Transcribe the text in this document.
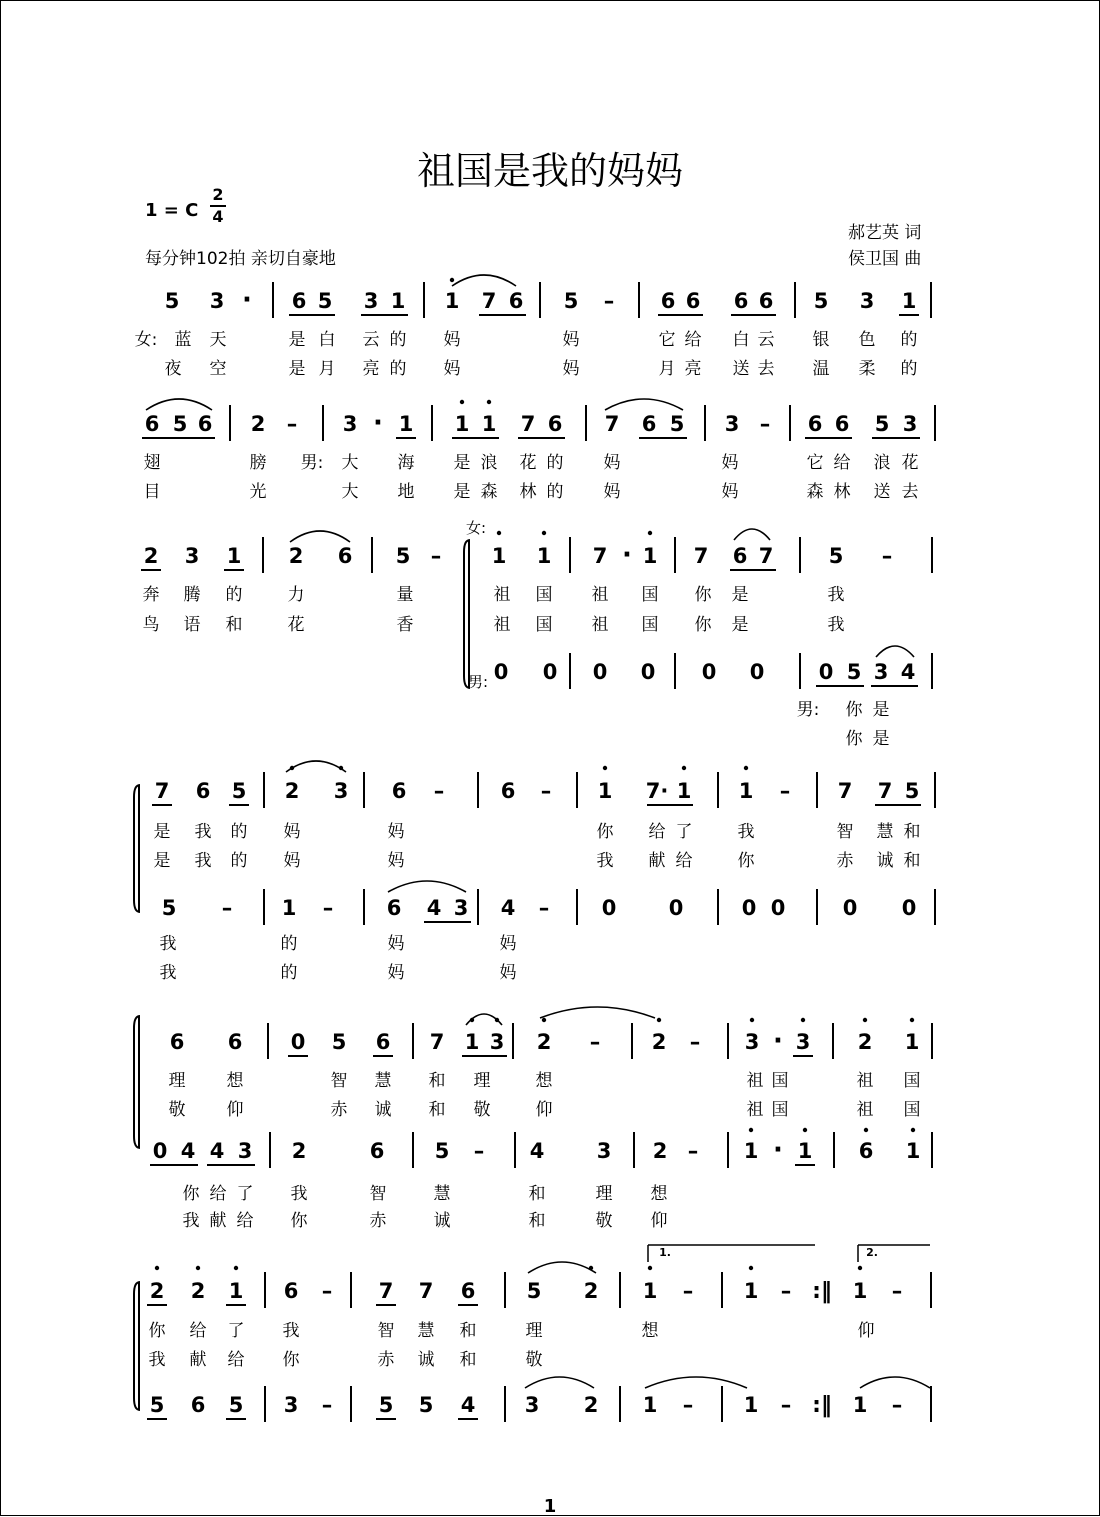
祖国是我的妈妈
1 = C
2
4
每分钟102拍 亲切自豪地
郝艺英 词
侯卫国 曲
5 3 · 6 5 3 1 1 7 6 5 – 6 6 6 6 5 3 1
女: 蓝 天	是 白 云 的 妈	妈	它 给 白 云 银 色 的
夜 空	是 月 亮 的 妈	妈	月 亮 送 去 温 柔 的
6 5 6 2 – 3 · 1 1 1 7 6 7 6 5 3 – 6 6 5 3
翅	膀 男: 大 海 是 浪 花 的 妈	妈	它 给 浪 花
目	光	大 地 是 森 林 的 妈	妈	森 林 送 去
2 3 1 2 6 5 – 1 1 7 · 1 7 6 7	5 –
奔 腾 的	力	量	祖 国 祖 国 你 是	我
鸟 语 和	花	香	祖 国 祖 国 你 是	我
0 0 0 0 0 0	0 5 3 4
男: 你 是
你 是
7 6 5 2 3 6 –	6 – 1 7· 1 1 – 7 7 5
是 我 的 妈	妈	你 给 了	我	智 慧 和
是 我 的 妈	妈	我 献 给	你	赤 诚 和
5 – 1 –	6 4 3 4 – 0 0	0 0	0 0
我	的	妈	妈
我	的	妈	妈
6 6 0 5 6 7 1 3 2 – 2 – 3 · 3 2 1
理 想	智 慧 和 理	想	祖 国	祖 国
敬 仰	赤 诚 和 敬	仰	祖 国	祖 国
0 4 4 3 2	6 5 – 4 3 2 – 1 · 1 6 1
你 给 了 我	智	慧	和	理 想
我 献 给 你	赤	诚	和	敬 仰
2 2 1 6 – 7 7 6 5 2 1 – 1 – :‖ 1 –
你 给 了 我	智 慧 和	理	想	仰
我 献 给 你	赤 诚 和	敬
5 6 5 3 – 5 5 4 3 2 1 – 1 – :‖ 1 –
女:
男:
1.	2.
1
